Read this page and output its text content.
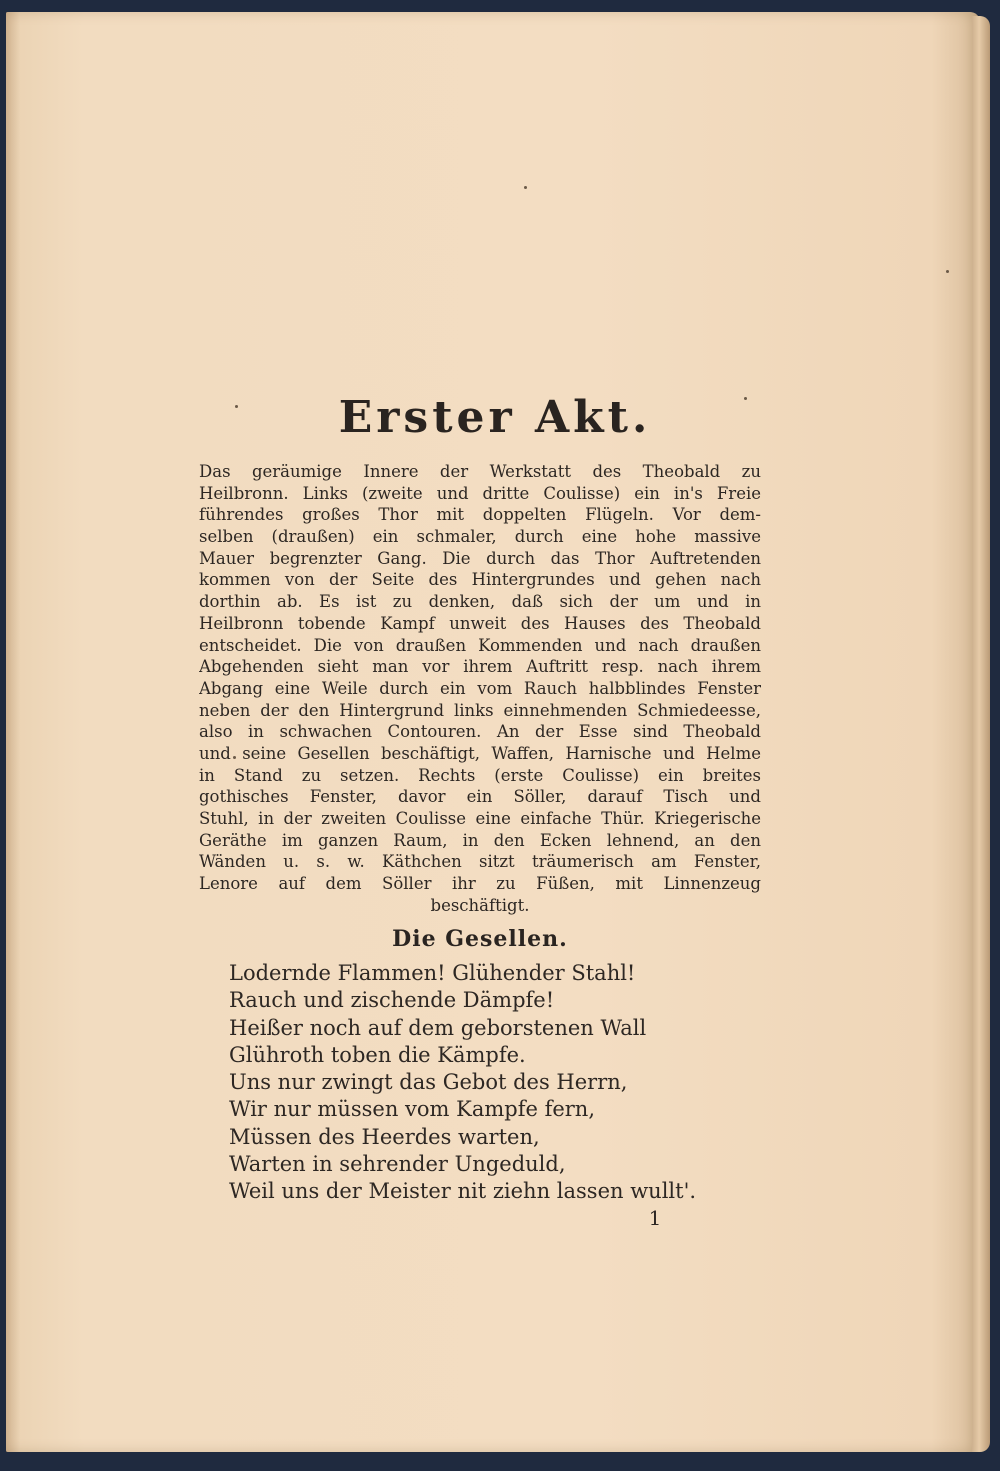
Erster Akt.
Das geräumige Innere der Werkstatt des Theobald zu
Heilbronn. Links (zweite und dritte Coulisse) ein in's Freie
führendes großes Thor mit doppelten Flügeln. Vor dem-
selben (draußen) ein schmaler, durch eine hohe massive
Mauer begrenzter Gang. Die durch das Thor Auftretenden
kommen von der Seite des Hintergrundes und gehen nach
dorthin ab. Es ist zu denken, daß sich der um und in
Heilbronn tobende Kampf unweit des Hauses des Theobald
entscheidet. Die von draußen Kommenden und nach draußen
Abgehenden sieht man vor ihrem Auftritt resp. nach ihrem
Abgang eine Weile durch ein vom Rauch halbblindes Fenster
neben der den Hintergrund links einnehmenden Schmiedeesse,
also in schwachen Contouren. An der Esse sind Theobald
und seine Gesellen beschäftigt, Waffen, Harnische und Helme
in Stand zu setzen. Rechts (erste Coulisse) ein breites
gothisches Fenster, davor ein Söller, darauf Tisch und
Stuhl, in der zweiten Coulisse eine einfache Thür. Kriegerische
Geräthe im ganzen Raum, in den Ecken lehnend, an den
Wänden u. s. w. Käthchen sitzt träumerisch am Fenster,
Lenore auf dem Söller ihr zu Füßen, mit Linnenzeug
beschäftigt.
Die Gesellen.
Lodernde Flammen! Glühender Stahl!
Rauch und zischende Dämpfe!
Heißer noch auf dem geborstenen Wall
Glühroth toben die Kämpfe.
Uns nur zwingt das Gebot des Herrn,
Wir nur müssen vom Kampfe fern,
Müssen des Heerdes warten,
Warten in sehrender Ungeduld,
Weil uns der Meister nit ziehn lassen wullt'.
1
